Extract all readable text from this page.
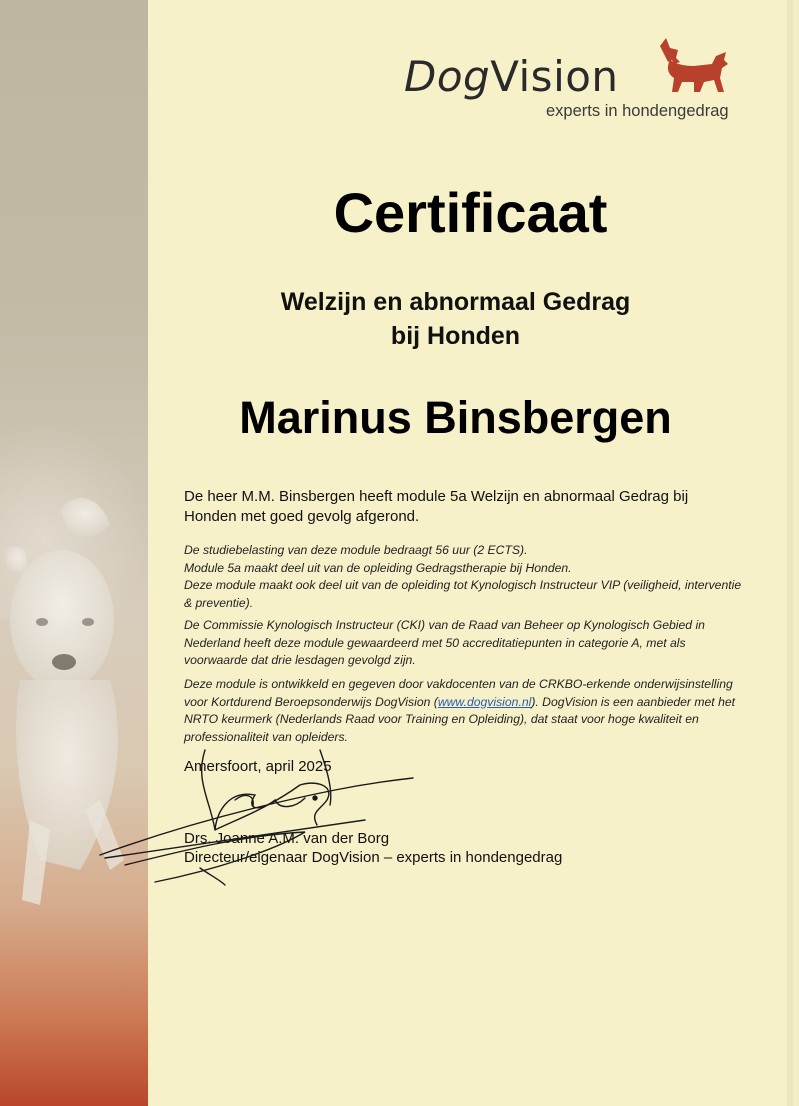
DogVision
experts in hondengedrag
Certificaat
Welzijn en abnormaal Gedrag
bij Honden
Marinus Binsbergen
De heer M.M. Binsbergen heeft module 5a Welzijn en abnormaal Gedrag bij Honden met goed gevolg afgerond.
De studiebelasting van deze module bedraagt 56 uur (2 ECTS).
Module 5a maakt deel uit van de opleiding Gedragstherapie bij Honden.
Deze module maakt ook deel uit van de opleiding tot Kynologisch Instructeur VIP (veiligheid, interventie & preventie).
De Commissie Kynologisch Instructeur (CKI) van de Raad van Beheer op Kynologisch Gebied in Nederland heeft deze module gewaardeerd met 50 accreditatiepunten in categorie A, met als voorwaarde dat drie lesdagen gevolgd zijn.
Deze module is ontwikkeld en gegeven door vakdocenten van de CRKBO-erkende onderwijsinstelling voor Kortdurend Beroepsonderwijs DogVision (www.dogvision.nl). DogVision is een aanbieder met het NRTO keurmerk (Nederlands Raad voor Training en Opleiding), dat staat voor hoge kwaliteit en professionaliteit van opleiders.
Amersfoort, april 2025
Drs. Joanne A.M. van der Borg
Directeur/eigenaar DogVision – experts in hondengedrag
